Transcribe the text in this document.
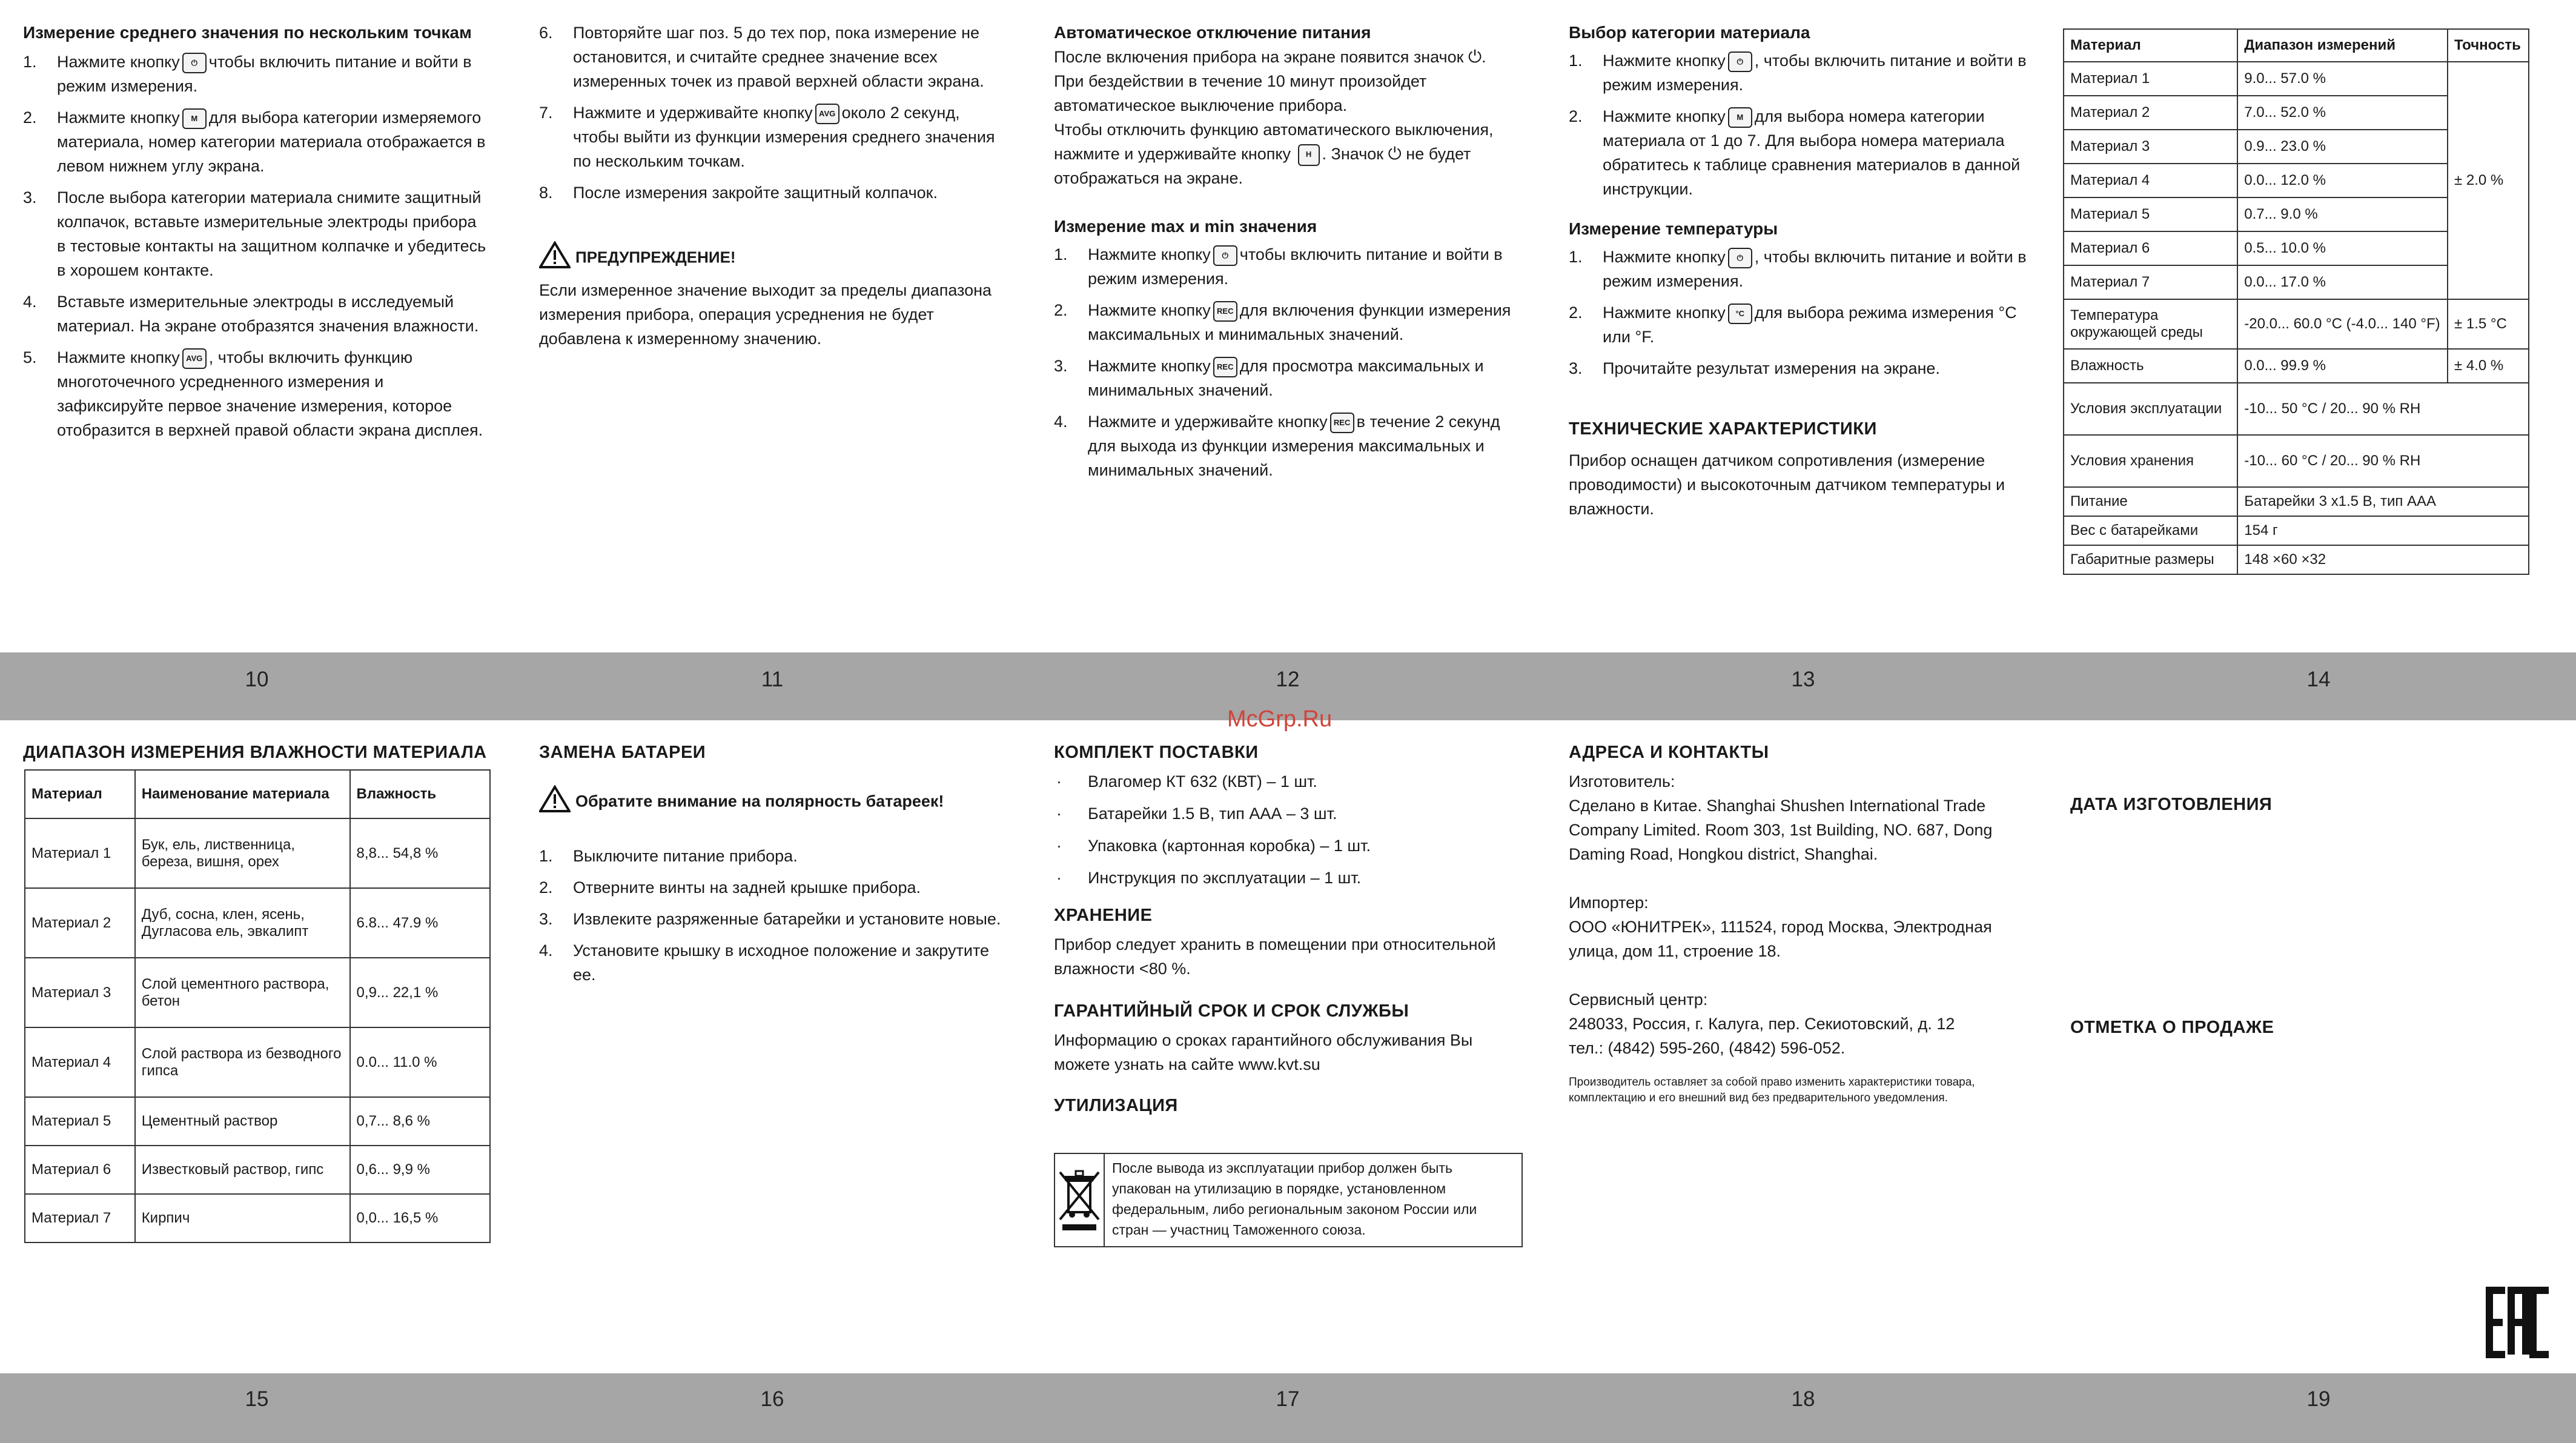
Измерение среднего значения по нескольким точкам

1. Нажмите кнопку ⏻ чтобы включить питание и войти в режим измерения.
2. Нажмите кнопку M для выбора категории измеряемого материала, номер категории материала отображается в левом нижнем углу экрана.
3. После выбора категории материала снимите защитный колпачок, вставьте измерительные электроды прибора в тестовые контакты на защитном колпачке и убедитесь в хорошем контакте.
4. Вставьте измерительные электроды в исследуемый материал. На экране отобразятся значения влажности.
5. Нажмите кнопку AVG , чтобы включить функцию многоточечного усредненного измерения и зафиксируйте первое значение измерения, которое отобразится в верхней правой области экрана дисплея.
6. Повторяйте шаг поз. 5 до тех пор, пока измерение не остановится, и считайте среднее значение всех измеренных точек из правой верхней области экрана.
7. Нажмите и удерживайте кнопку AVG около 2 секунд, чтобы выйти из функции измерения среднего значения по нескольким точкам.
8. После измерения закройте защитный колпачок.

ПРЕДУПРЕЖДЕНИЕ!

Если измеренное значение выходит за пределы диапазона измерения прибора, операция усреднения не будет добавлена к измеренному значению.

Автоматическое отключение питания

После включения прибора на экране появится значок ⏻.

При бездействии в течение 10 минут произойдет автоматическое выключение прибора.

Чтобы отключить функцию автоматического выключения, нажмите и удерживайте кнопку H . Значок ⏻ не будет отображаться на экране.

Измерение max и min значения

1. Нажмите кнопку ⏻ чтобы включить питание и войти в режим измерения.
2. Нажмите кнопку REC для включения функции измерения максимальных и минимальных значений.
3. Нажмите кнопку REC для просмотра максимальных и минимальных значений.
4. Нажмите и удерживайте кнопку REC в течение 2 секунд для выхода из функции измерения максимальных и минимальных значений.

Выбор категории материала

1. Нажмите кнопку ⏻ , чтобы включить питание и войти в режим измерения.
2. Нажмите кнопку M для выбора номера категории материала от 1 до 7. Для выбора номера материала обратитесь к таблице сравнения материалов в данной инструкции.

Измерение температуры

1. Нажмите кнопку ⏻ , чтобы включить питание и войти в режим измерения.
2. Нажмите кнопку °C для выбора режима измерения °C или °F.
3. Прочитайте результат измерения на экране.

ТЕХНИЧЕСКИЕ ХАРАКТЕРИСТИКИ

Прибор оснащен датчиком сопротивления (измерение проводимости) и высокоточным датчиком температуры и влажности.

Материал	Диапазон измерений	Точность
Материал 1	9.0... 57.0 %	± 2.0 %
Материал 2	7.0... 52.0 %	
Материал 3	0.9... 23.0 %	
Материал 4	0.0... 12.0 %	
Материал 5	0.7... 9.0 %	
Материал 6	0.5... 10.0 %	
Материал 7	0.0... 17.0 %	
Температура окружающей среды	-20.0... 60.0 °C (-4.0... 140 °F)	± 1.5 °C
Влажность	0.0... 99.9 %	± 4.0 %
Условия эксплуатации	-10... 50 °C / 20... 90 % RH	
Условия хранения	-10... 60 °C / 20... 90 % RH	
Питание	Батарейки 3 x1.5 В, тип ААА	
Вес с батарейками	154 г	
Габаритные размеры	148 ×60 ×32	
10	11	12	13	14
McGrp.Ru

ДИАПАЗОН ИЗМЕРЕНИЯ ВЛАЖНОСТИ МАТЕРИАЛА

Материал	Наименование материала	Влажность
Материал 1	Бук, ель, лиственница, береза, вишня, орех	8,8... 54,8 %
Материал 2	Дуб, сосна, клен, ясень, Дугласова ель, эвкалипт	6.8... 47.9 %
Материал 3	Слой цементного раствора, бетон	0,9... 22,1 %
Материал 4	Слой раствора из безводного гипса	0.0... 11.0 %
Материал 5	Цементный раствор	0,7... 8,6 %
Материал 6	Известковый раствор, гипс	0,6... 9,9 %
Материал 7	Кирпич	0,0... 16,5 %

ЗАМЕНА БАТАРЕИ

Обратите внимание на полярность батареек!

1. Выключите питание прибора.
2. Отверните винты на задней крышке прибора.
3. Извлеките разряженные батарейки и установите новые.
4. Установите крышку в исходное положение и закрутите ее.

КОМПЛЕКТ ПОСТАВКИ

· Влагомер КТ 632 (КВТ) – 1 шт.
· Батарейки 1.5 В, тип ААА – 3 шт.
· Упаковка (картонная коробка) – 1 шт.
· Инструкция по эксплуатации – 1 шт.

ХРАНЕНИЕ

Прибор следует хранить в помещении при относительной влажности <80 %.

ГАРАНТИЙНЫЙ СРОК И СРОК СЛУЖБЫ

Информацию о сроках гарантийного обслуживания Вы можете узнать на сайте www.kvt.su

УТИЛИЗАЦИЯ

После вывода из эксплуатации прибор должен быть упакован на утилизацию в порядке, установленном федеральным, либо региональным законом России или стран — участниц Таможенного союза.

АДРЕСА И КОНТАКТЫ

Изготовитель:

Сделано в Китае. Shanghai Shushen International Trade Company Limited. Room 303, 1st Building, NO. 687, Dong Daming Road, Hongkou district, Shanghai.

Импортер:

ООО «ЮНИТРЕК», 111524, город Москва, Электродная улица, дом 11, строение 18.

Сервисный центр:

248033, Россия, г. Калуга, пер. Секиотовский, д. 12

тел.: (4842) 595-260, (4842) 596-052.

Производитель оставляет за собой право изменить характеристики товара, комплектацию и его внешний вид без предварительного уведомления.

ДАТА ИЗГОТОВЛЕНИЯ

ОТМЕТКА О ПРОДАЖЕ

15	16	17	18	19
